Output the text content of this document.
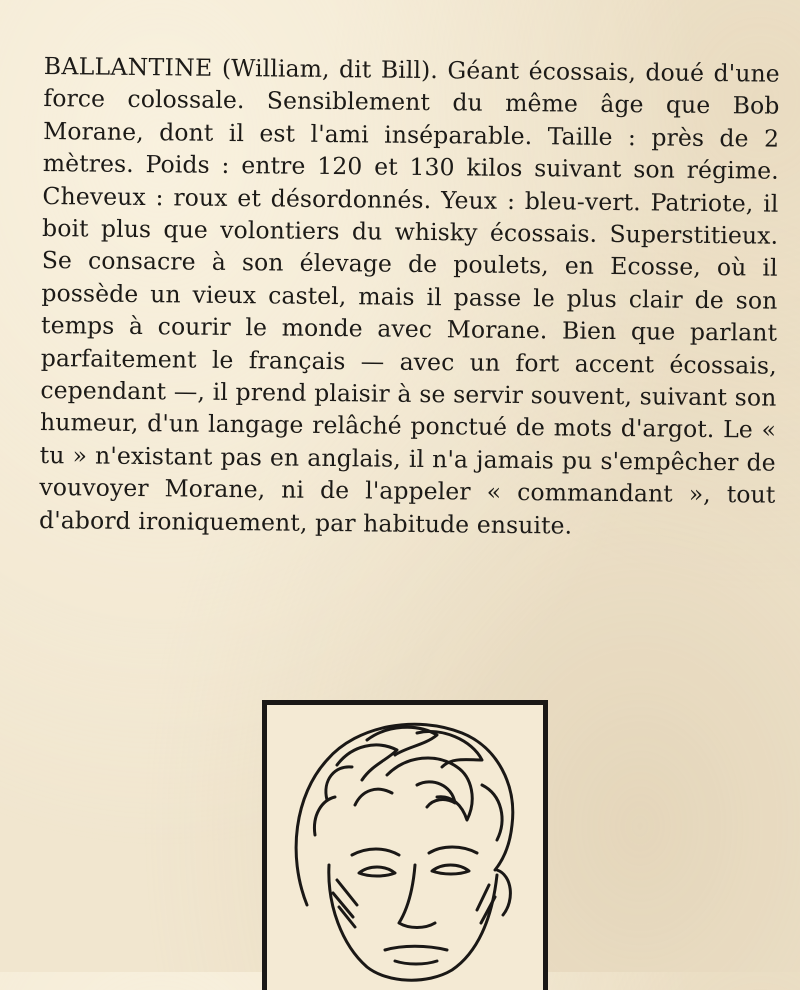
BALLANTINE (William, dit Bill). Géant écossais, doué d'une force colossale. Sensiblement du même âge que Bob Morane, dont il est l'ami inséparable. Taille : près de 2 mètres. Poids : entre 120 et 130 kilos suivant son régime. Cheveux : roux et désordonnés. Yeux : bleu-vert. Patriote, il boit plus que volontiers du whisky écossais. Superstitieux. Se consacre à son élevage de poulets, en Ecosse, où il possède un vieux castel, mais il passe le plus clair de son temps à courir le monde avec Morane. Bien que parlant parfaitement le français — avec un fort accent écossais, cependant —, il prend plaisir à se servir souvent, suivant son humeur, d'un langage relâché ponctué de mots d'argot. Le « tu » n'existant pas en anglais, il n'a jamais pu s'empêcher de vouvoyer Morane, ni de l'appeler « commandant », tout d'abord ironiquement, par habitude ensuite.
